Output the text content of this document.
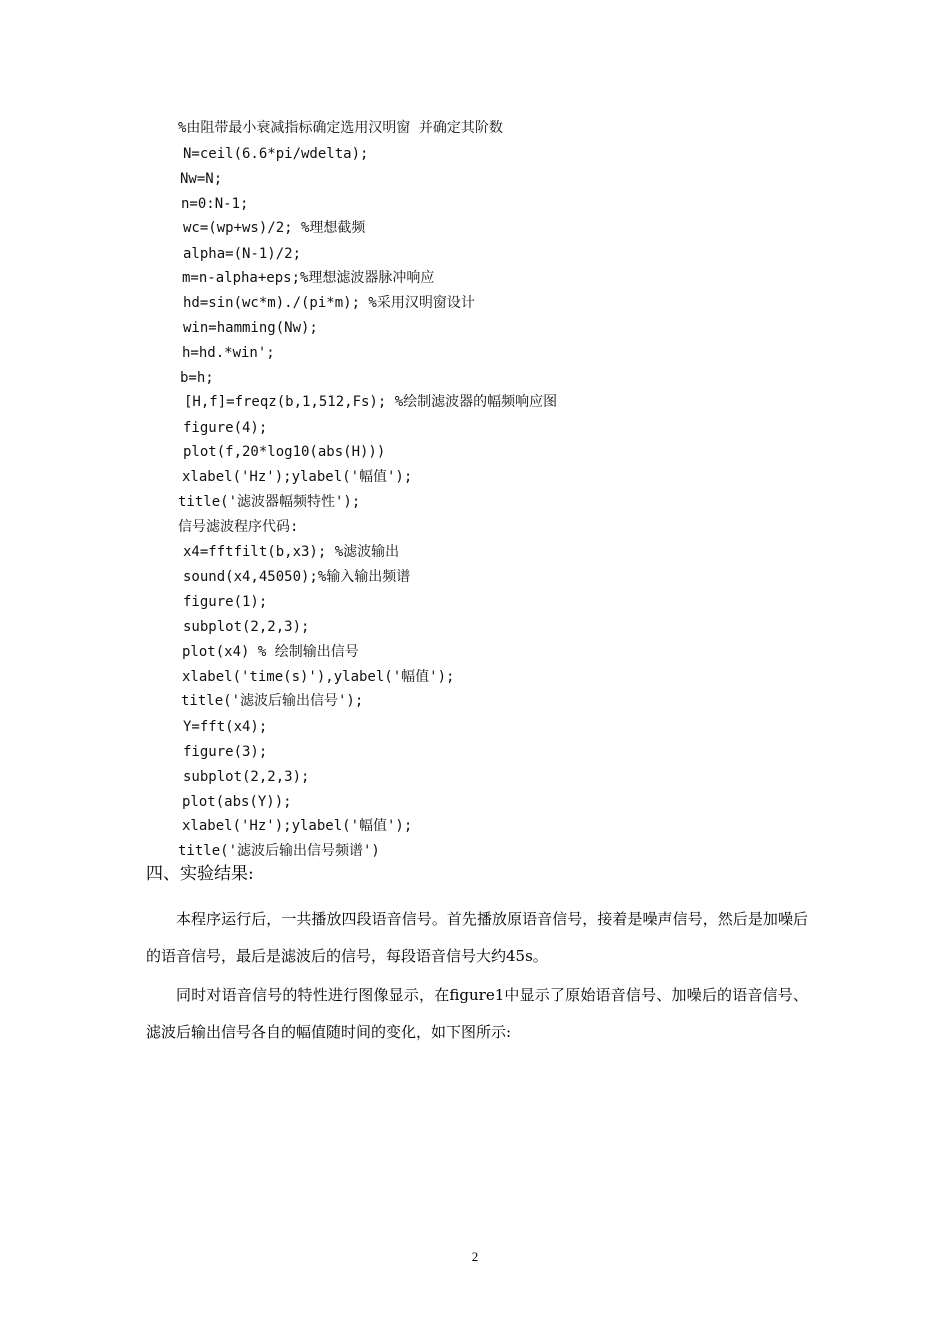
%由阻带最小衰减指标确定选用汉明窗 并确定其阶数
N=ceil(6.6*pi/wdelta);
Nw=N;
n=0:N-1;
wc=(wp+ws)/2; %理想截频
alpha=(N-1)/2;
m=n-alpha+eps;%理想滤波器脉冲响应
hd=sin(wc*m)./(pi*m); %采用汉明窗设计
win=hamming(Nw);
h=hd.*win';
b=h;
[H,f]=freqz(b,1,512,Fs); %绘制滤波器的幅频响应图
figure(4);
plot(f,20*log10(abs(H)))
xlabel('Hz');ylabel('幅值');
title('滤波器幅频特性');
信号滤波程序代码:
x4=fftfilt(b,x3); %滤波输出
sound(x4,45050);%输入输出频谱
figure(1);
subplot(2,2,3);
plot(x4) % 绘制输出信号
xlabel('time(s)'),ylabel('幅值');
title('滤波后输出信号');
Y=fft(x4);
figure(3);
subplot(2,2,3);
plot(abs(Y));
xlabel('Hz');ylabel('幅值');
title('滤波后输出信号频谱')
四、实验结果:

本程序运行后，一共播放四段语音信号。首先播放原语音信号，接着是噪声信号，然后是加噪后的语音信号，最后是滤波后的信号，每段语音信号大约45s。

同时对语音信号的特性进行图像显示，在figure1中显示了原始语音信号、加噪后的语音信号、滤波后输出信号各自的幅值随时间的变化，如下图所示:

2
